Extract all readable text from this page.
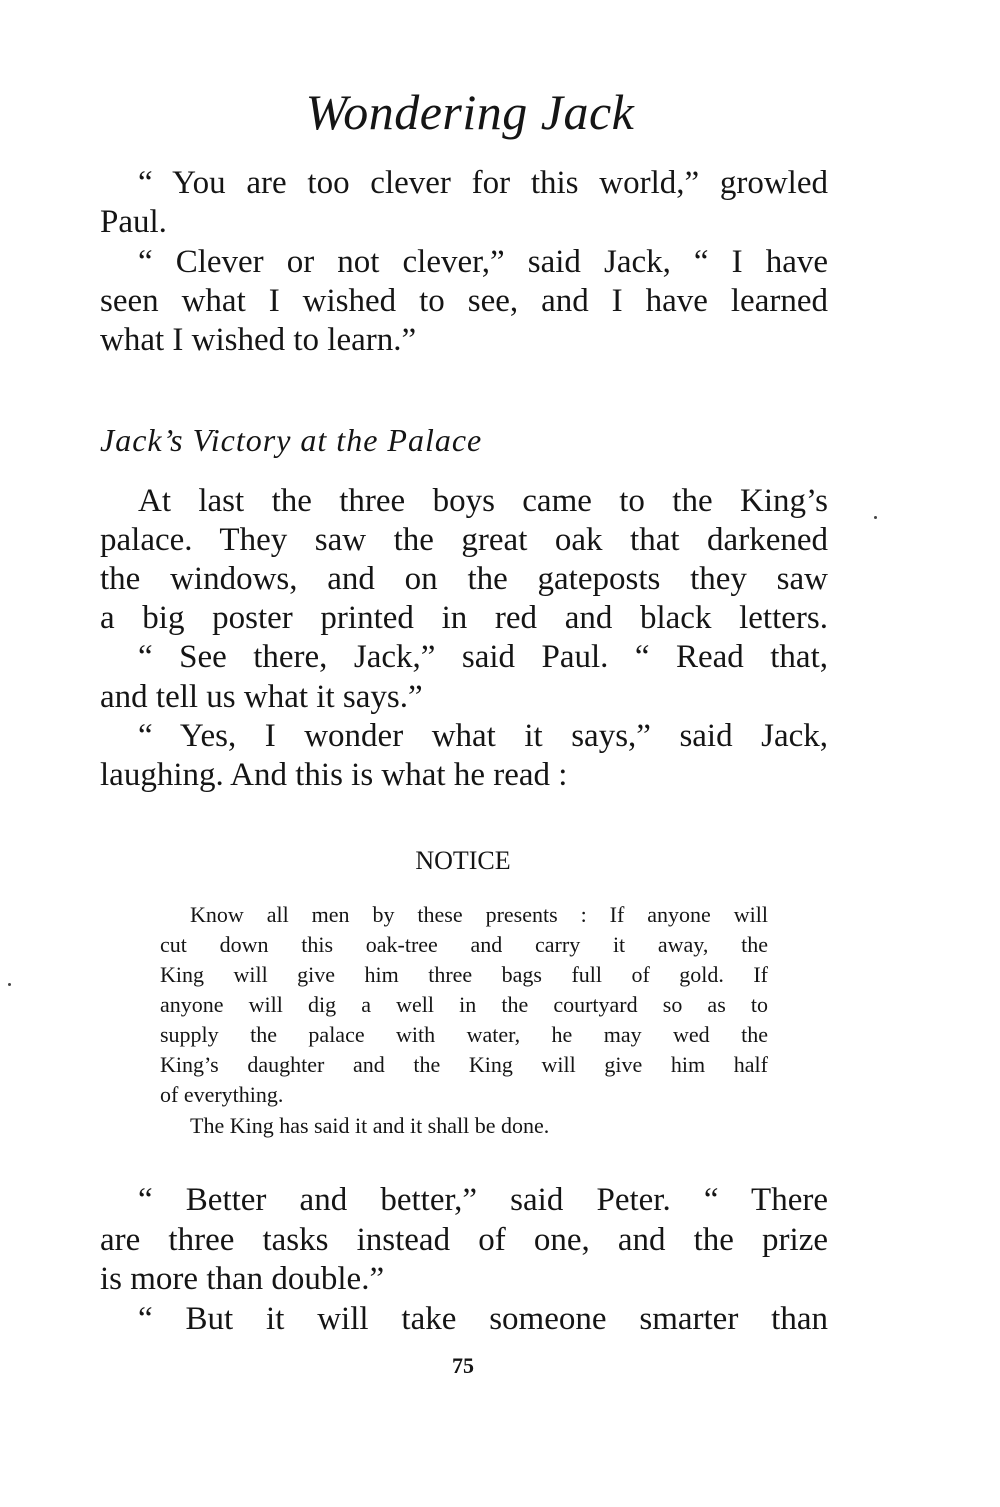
Wondering Jack

“ You are too clever for this world,” growled

Paul.

“ Clever or not clever,” said Jack, “ I have

seen what I wished to see, and I have learned

what I wished to learn.”

Jack’s Victory at the Palace

At last the three boys came to the King’s

palace. They saw the great oak that darkened

the windows, and on the gateposts they saw

a big poster printed in red and black letters.

“ See there, Jack,” said Paul. “ Read that,

and tell us what it says.”

“ Yes, I wonder what it says,” said Jack,

laughing. And this is what he read :

NOTICE

Know all men by these presents : If anyone will

cut down this oak-tree and carry it away, the

King will give him three bags full of gold. If

anyone will dig a well in the courtyard so as to

supply the palace with water, he may wed the

King’s daughter and the King will give him half

of everything.

The King has said it and it shall be done.

“ Better and better,” said Peter. “ There

are three tasks instead of one, and the prize

is more than double.”

“ But it will take someone smarter than

75
